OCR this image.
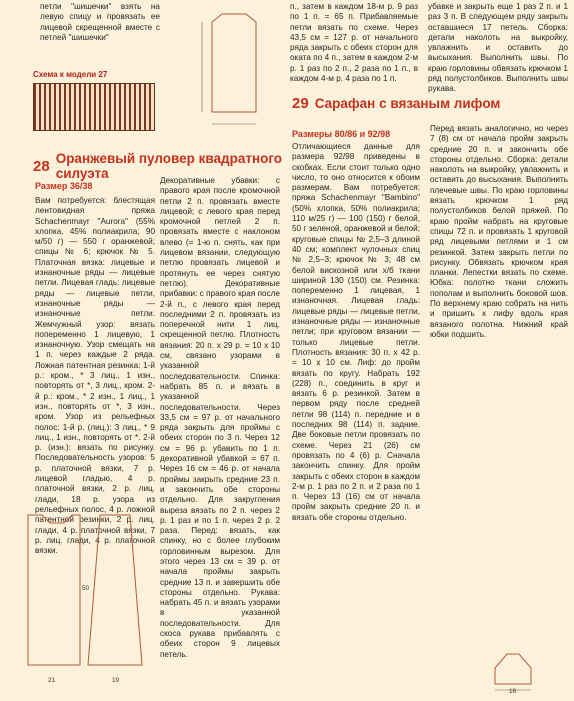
петли "шишечки" взять на левую спицу и провязать ее лицевой скрещенной вместе с петлей "шишечки"

Схема к модели 27
28 Оранжевый пуловер квадратного силуэта
Размер 36/38

Вам потребуется: блестящая лентовидная пряжа Schachenmayr "Aurora" (55% хлопка, 45% полиакрила; 90 м/50 г) — 550 г оранжевой; спицы № 6; крючок № 5. Платочная вязка: лицевые и изнаночные ряды — лицевые петли. Лицевая гладь: лицевые ряды — лицевые петли, изнаночные ряды — изнаночные петли. Жемчужный узор: вязать попеременно 1 лицевую, 1 изнаночную. Узор смещать на 1 п. через каждые 2 ряда. Ложная патентная резинка: 1-й р.: кром., * 3 лиц., 1 изн., повторять от *, 3 лиц., кром. 2-й р.: кром., * 2 изн., 1 лиц., 1 изн., повторять от *, 3 изн., кром. Узор из рельефных полос: 1-й р. (лиц.): 3 лиц., * 9 лиц., 1 изн., повторять от *. 2-й р. (изн.): вязать по рисунку. Последовательность узоров: 5 р. платочной вязки, 7 р. лицевой гладью, 4 р. платочной вязки, 2 р. лиц. глади, 18 р. узора из рельефных полос, 4 р. ложной патентной резинки, 2 р. лиц. глади, 4 р. платочной вязки, 7 р. лиц. глади, 4 р. платочной вязки.

Декоративные убавки: с правого края после кромочной петли 2 п. провязать вместе лицевой; с левого края перед кромочной петлей 2 п. провязать вместе с наклоном влево (= 1-ю п. снять, как при лицевом вязании, следующую петлю провязать лицевой и протянуть ее через снятую петлю). Декоративные прибавки: с правого края после 2-й п., с левого края перед последними 2 п. провязать из поперечной нити 1 лиц. скрещенной петлю. Плотность вязания: 20 п. х 29 р. = 10 х 10 см, связано узорами в указанной последовательности. Спинка: набрать 85 п. и вязать в указанной последовательности. Через 33,5 см = 97 р. от начального ряда закрыть для проймы с обеих сторон по 3 п. Через 12 см = 96 р. убавить по 1 п. декоративной убавкой = 67 п. Через 16 см = 46 р. от начала проймы закрыть средние 23 п. и закончить обе стороны отдельно. Для закругления выреза вязать по 2 п. через 2 р. 1 раз и по 1 п. через 2 р. 2 раза. Перед: вязать, как спинку, но с более глубоким горловинным вырезом. Для этого через 13 см = 39 р. от начала проймы закрыть средние 13 п. и завершить обе стороны отдельно. Рукава: набрать 45 п. и вязать узорами в указанной последовательности. Для скоса рукава прибавлять с обеих сторон 9 лицевых петель.

21
50
19

п., затем в каждом 18-м р. 9 раз по 1 п. = 65 п. Прибавляемые петли вязать по схеме. Через 43,5 см = 127 р. от начального ряда закрыть с обеих сторон для оката по 4 п., затем в каждом 2-м р. 1 раз по 2 п., 2 раза по 1 п., в каждом 4-м р. 4 раза по 1 п.

убавке и закрыть еще 1 раз 2 п. и 1 раз 3 п. В следующем ряду закрыть оставшиеся 17 петель. Сборка: детали наколоть на выкройку, увлажнить и оставить до высыхания. Выполнить швы. По краю горловины обвязать крючком 1 ряд полустолбиков. Выполнить швы рукава.

29 Сарафан с вязаным лифом
Размеры 80/86 и 92/98

Отличающиеся данные для размера 92/98 приведены в скобках. Если стоит только одно число, то оно относится к обоим размерам. Вам потребуется: пряжа Schachenmayr "Bambino" (50% хлопка, 50% полиакрила; 110 м/25 г) — 100 (150) г белой, 50 г зеленой, оранжевой и белой; круговые спицы № 2,5–3 длиной 40 см; комплект чулочных спиц № 2,5–3; крючок № 3; 48 см белой вискозной или х/б ткани шириной 130 (150) см. Резинка: попеременно 1 лицевая, 1 изнаночная. Лицевая гладь: лицевые ряды — лицевые петли, изнаночные ряды — изнаночные петли; при круговом вязании — только лицевые петли. Плотность вязания: 30 п. х 42 р. = 10 х 10 см. Лиф: до пройм вязать по кругу. Набрать 192 (228) п., соединить в круг и вязать 6 р. резинкой. Затем в первом ряду после средней петли 98 (114) п. передние и в последних 98 (114) п. задние. Две боковые петли провязать по схеме. Через 21 (26) см провязать по 4 (6) р. Сначала закончить спинку. Для пройм закрыть с обеих сторон в каждом 2-м р. 1 раз по 2 п. и 2 раза по 1 п. Через 13 (16) см от начала пройм закрыть средние 20 п. и вязать обе стороны отдельно.

Перед вязать аналогично, но через 7 (8) см от начала пройм закрыть средние 20 п. и закончить обе стороны отдельно. Сборка: детали наколоть на выкройку, увлажнить и оставить до высыхания. Выполнить плечевые швы. По краю горловины вязать крючком 1 ряд полустолбиков белой пряжей. По краю пройм набрать на круговые спицы 72 п. и провязать 1 круговой ряд лицевыми петлями и 1 см резинкой. Затем закрыть петли по рисунку. Обвязать крючком края планки. Лепестки вязать по схеме. Юбка: полотно ткани сложить пополам и выполнить боковой шов. По верхнему краю собрать на нить и пришить к лифу вдоль края вязаного полотна. Нижний край юбки подшить.

16
